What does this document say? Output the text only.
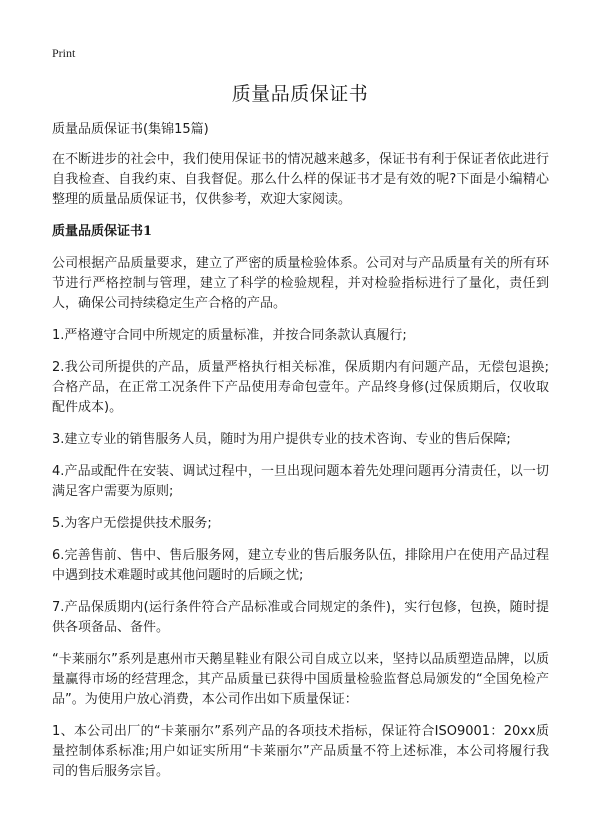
Print
质量品质保证书

质量品质保证书(集锦15篇)

在不断进步的社会中，我们使用保证书的情况越来越多，保证书有利于保证者依此进行自我检查、自我约束、自我督促。那么什么样的保证书才是有效的呢?下面是小编精心整理的质量品质保证书，仅供参考，欢迎大家阅读。

质量品质保证书1

公司根据产品质量要求，建立了严密的质量检验体系。公司对与产品质量有关的所有环节进行严格控制与管理，建立了科学的检验规程，并对检验指标进行了量化，责任到人，确保公司持续稳定生产合格的产品。

1.严格遵守合同中所规定的质量标准，并按合同条款认真履行;

2.我公司所提供的产品，质量严格执行相关标准，保质期内有问题产品，无偿包退换;合格产品，在正常工况条件下产品使用寿命包壹年。产品终身修(过保质期后，仅收取配件成本)。

3.建立专业的销售服务人员，随时为用户提供专业的技术咨询、专业的售后保障;

4.产品或配件在安装、调试过程中，一旦出现问题本着先处理问题再分清责任，以一切满足客户需要为原则;

5.为客户无偿提供技术服务;

6.完善售前、售中、售后服务网，建立专业的售后服务队伍，排除用户在使用产品过程中遇到技术难题时或其他问题时的后顾之忧;

7.产品保质期内(运行条件符合产品标准或合同规定的条件)，实行包修，包换，随时提供各项备品、备件。

“卡莱丽尔”系列是惠州市天鹅星鞋业有限公司自成立以来，坚持以品质塑造品牌，以质量赢得市场的经营理念，其产品质量已获得中国质量检验监督总局颁发的“全国免检产品”。为使用户放心消费，本公司作出如下质量保证：

1、本公司出厂的“卡莱丽尔”系列产品的各项技术指标，保证符合ISO9001：20xx质量控制体系标准;用户如证实所用“卡莱丽尔”产品质量不符上述标准，本公司将履行我司的售后服务宗旨。
